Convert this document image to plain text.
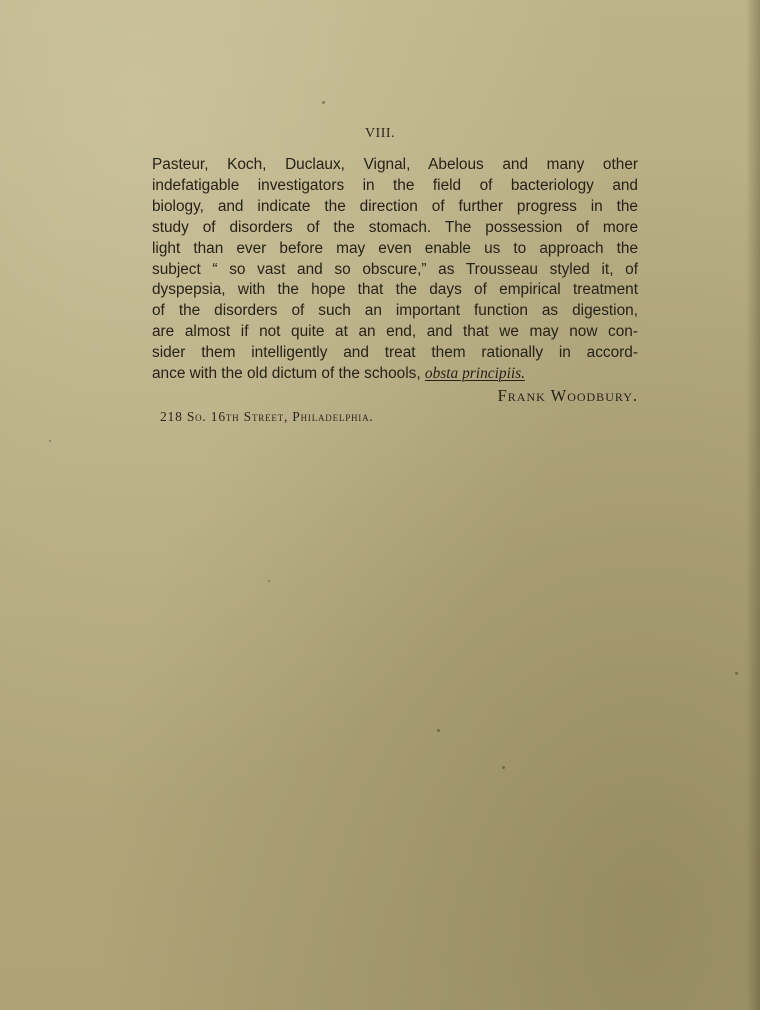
VIII.
Pasteur, Koch, Duclaux, Vignal, Abelous and many other
indefatigable investigators in the field of bacteriology and
biology, and indicate the direction of further progress in the
study of disorders of the stomach. The possession of more
light than ever before may even enable us to approach the
subject “ so vast and so obscure,” as Trousseau styled it, of
dyspepsia, with the hope that the days of empirical treatment
of the disorders of such an important function as digestion,
are almost if not quite at an end, and that we may now con-
sider them intelligently and treat them rationally in accord-
ance with the old dictum of the schools, obsta principiis.
Frank Woodbury.
218 So. 16th Street, Philadelphia.
